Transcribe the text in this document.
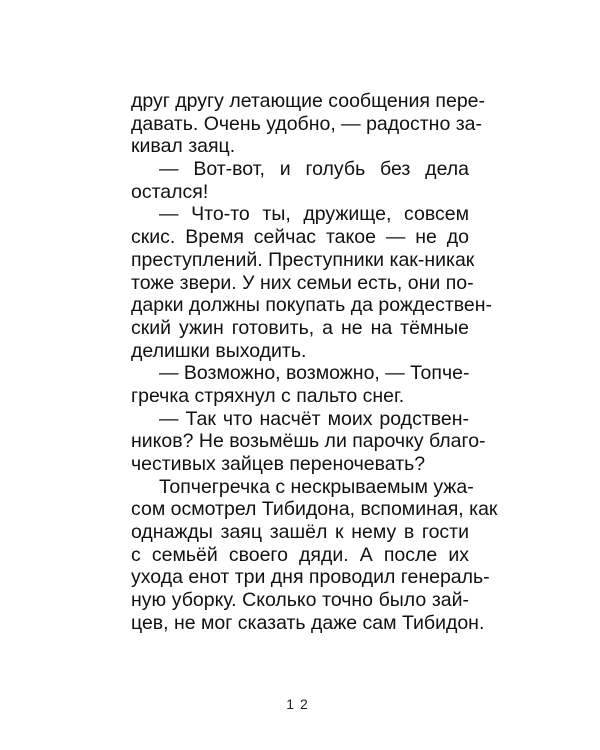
друг другу летающие сообщения пере-
давать. Очень удобно, — радостно за-
кивал заяц.
— Вот-вот, и голубь без дела
остался!
— Что-то ты, дружище, совсем
скис. Время сейчас такое — не до
преступлений. Преступники как-никак
тоже звери. У них семьи есть, они по-
дарки должны покупать да рождествен-
ский ужин готовить, а не на тёмные
делишки выходить.
— Возможно, возможно, — Топче-
гречка стряхнул с пальто снег.
— Так что насчёт моих родствен-
ников? Не возьмёшь ли парочку благо-
честивых зайцев переночевать?
Топчегречка с нескрываемым ужа-
сом осмотрел Тибидона, вспоминая, как
однажды заяц зашёл к нему в гости
с семьёй своего дяди. А после их
ухода енот три дня проводил генераль-
ную уборку. Сколько точно было зай-
цев, не мог сказать даже сам Тибидон.
12
